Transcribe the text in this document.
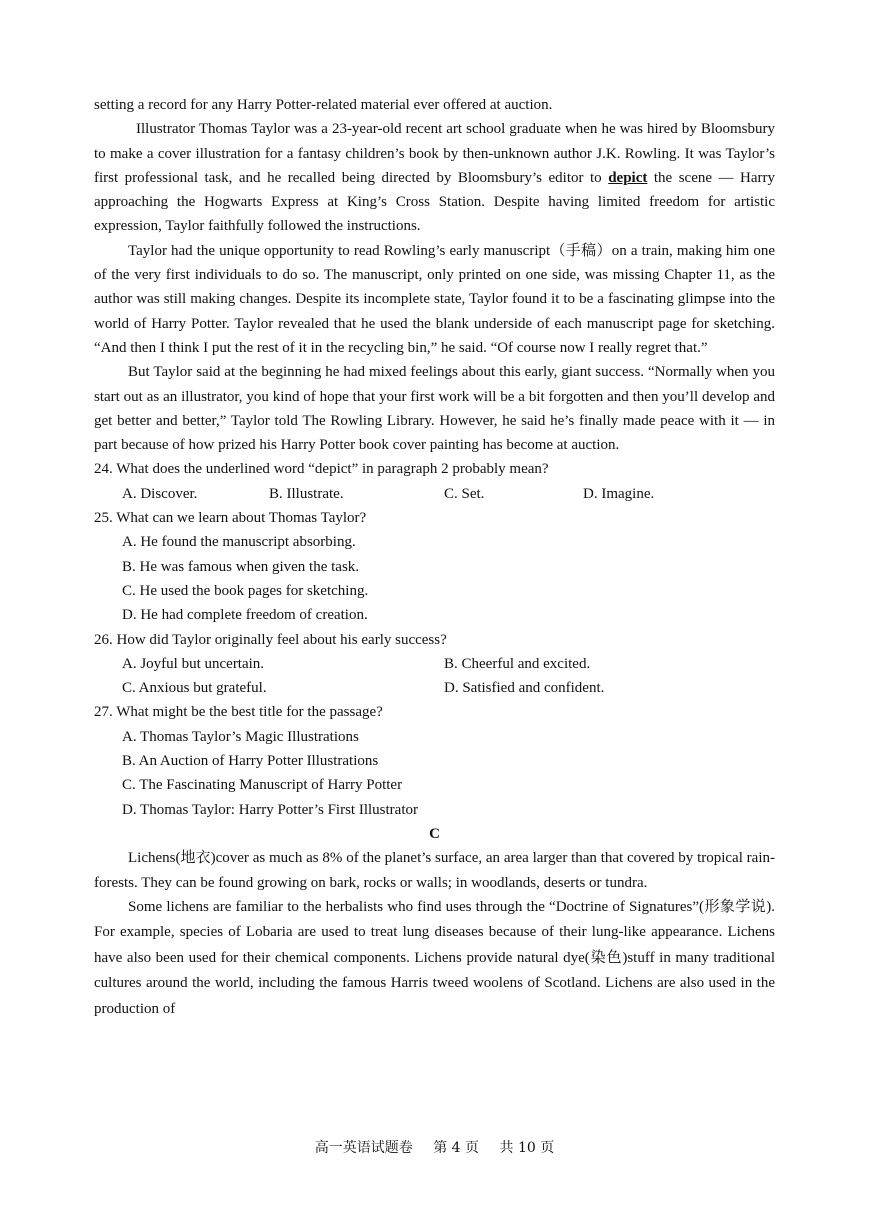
setting a record for any Harry Potter-related material ever offered at auction.

Illustrator Thomas Taylor was a 23-year-old recent art school graduate when he was hired by Bloomsbury to make a cover illustration for a fantasy children’s book by then-unknown author J.K. Rowling. It was Taylor’s first professional task, and he recalled being directed by Bloomsbury’s editor to depict the scene — Harry approaching the Hogwarts Express at King’s Cross Station. Despite having limited freedom for artistic expression, Taylor faithfully followed the instructions.

Taylor had the unique opportunity to read Rowling’s early manuscript（手稿）on a train, making him one of the very first individuals to do so. The manuscript, only printed on one side, was missing Chapter 11, as the author was still making changes. Despite its incomplete state, Taylor found it to be a fascinating glimpse into the world of Harry Potter. Taylor revealed that he used the blank underside of each manuscript page for sketching. “And then I think I put the rest of it in the recycling bin,” he said. “Of course now I really regret that.”

But Taylor said at the beginning he had mixed feelings about this early, giant success. “Normally when you start out as an illustrator, you kind of hope that your first work will be a bit forgotten and then you’ll develop and get better and better,” Taylor told The Rowling Library. However, he said he’s finally made peace with it — in part because of how prized his Harry Potter book cover painting has become at auction.

24. What does the underlined word “depict” in paragraph 2 probably mean?

A. Discover.	B. Illustrate.	C. Set.	D. Imagine.

25. What can we learn about Thomas Taylor?

A. He found the manuscript absorbing.

B. He was famous when given the task.

C. He used the book pages for sketching.

D. He had complete freedom of creation.

26. How did Taylor originally feel about his early success?

A. Joyful but uncertain.	B. Cheerful and excited.
C. Anxious but grateful.	D. Satisfied and confident.

27. What might be the best title for the passage?

A. Thomas Taylor’s Magic Illustrations

B. An Auction of Harry Potter Illustrations

C. The Fascinating Manuscript of Harry Potter

D. Thomas Taylor: Harry Potter’s First Illustrator

C

Lichens(地衣)cover as much as 8% of the planet’s surface, an area larger than that covered by tropical rain-forests. They can be found growing on bark, rocks or walls; in woodlands, deserts or tundra.

Some lichens are familiar to the herbalists who find uses through the “Doctrine of Signatures”(形象学说). For example, species of Lobaria are used to treat lung diseases because of their lung-like appearance. Lichens have also been used for their chemical components. Lichens provide natural dye(染色)stuff in many traditional cultures around the world, including the famous Harris tweed woolens of Scotland. Lichens are also used in the production of

高一英语试题卷 第 4 页 共 10 页
